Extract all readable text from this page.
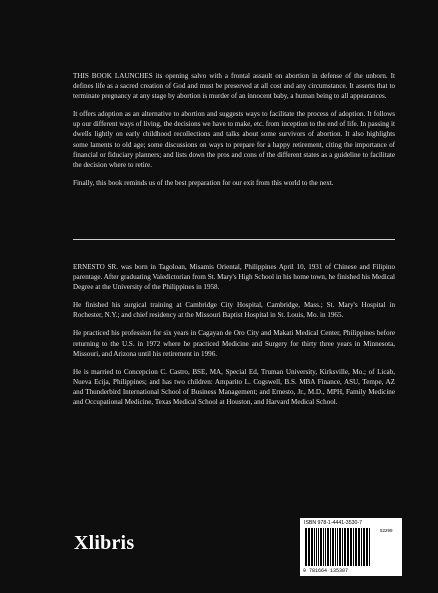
THIS BOOK LAUNCHES its opening salvo with a frontal assault on abortion in defense of the unborn. It defines life as a sacred creation of God and must be preserved at all cost and any circumstance. It asserts that to terminate pregnancy at any stage by abortion is murder of an innocent baby, a human being to all appearances.

It offers adoption as an alternative to abortion and suggests ways to facilitate the process of adoption. It follows up our different ways of living, the decisions we have to make, etc. from inception to the end of life. In passing it dwells lightly on early childhood recollections and talks about some survivors of abortion. It also highlights some laments to old age; some discussions on ways to prepare for a happy retirement, citing the importance of financial or fiduciary planners; and lists down the pros and cons of the different states as a guideline to facilitate the decision where to retire.

Finally, this book reminds us of the best preparation for our exit from this world to the next.

ERNESTO SR. was born in Tagoloan, Misamis Oriental, Philippines April 10, 1931 of Chinese and Filipino parentage. After graduating Valedictorian from St. Mary's High School in his home town, he finished his Medical Degree at the University of the Philippines in 1958.

He finished his surgical training at Cambridge City Hospital, Cambridge, Mass.; St. Mary's Hospital in Rochester, N.Y.; and chief residency at the Missouri Baptist Hospital in St. Louis, Mo. in 1965.

He practiced his profession for six years in Cagayan de Oro City and Makati Medical Center, Philippines before returning to the U.S. in 1972 where he practiced Medicine and Surgery for thirty three years in Minnesota, Missouri, and Arizona until his retirement in 1996.

He is married to Concepcion C. Castro, BSE, MA, Special Ed, Truman University, Kirksville, Mo.; of Licab, Nueva Ecija, Philippines; and has two children: Amparito L. Cogswell, B.S. MBA Finance, ASU, Tempe, AZ and Thunderbird International School of Business Management; and Ernesto, Jr., M.D., MPH, Family Medicine and Occupational Medicine, Texas Medical School at Houston, and Harvard Medical School.

Xlibris
ISBN 978-1-4441-3530-7
52299
9 781664 135307
